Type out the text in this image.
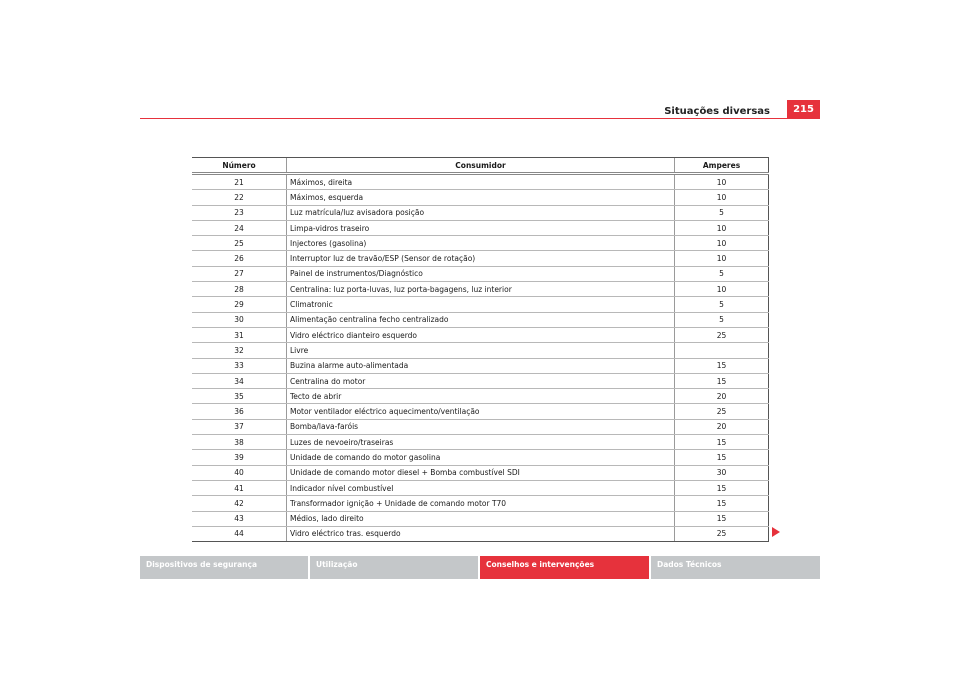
Situações diversas	215
Número	Consumidor	Amperes
21	Máximos, direita	10
22	Máximos, esquerda	10
23	Luz matrícula/luz avisadora posição	5
24	Limpa-vidros traseiro	10
25	Injectores (gasolina)	10
26	Interruptor luz de travão/ESP (Sensor de rotação)	10
27	Painel de instrumentos/Diagnóstico	5
28	Centralina: luz porta-luvas, luz porta-bagagens, luz interior	10
29	Climatronic	5
30	Alimentação centralina fecho centralizado	5
31	Vidro eléctrico dianteiro esquerdo	25
32	Livre	
33	Buzina alarme auto-alimentada	15
34	Centralina do motor	15
35	Tecto de abrir	20
36	Motor ventilador eléctrico aquecimento/ventilação	25
37	Bomba/lava-faróis	20
38	Luzes de nevoeiro/traseiras	15
39	Unidade de comando do motor gasolina	15
40	Unidade de comando motor diesel + Bomba combustível SDI	30
41	Indicador nível combustível	15
42	Transformador ignição + Unidade de comando motor T70	15
43	Médios, lado direito	15
44	Vidro eléctrico tras. esquerdo	25
Dispositivos de segurança	Utilização	Conselhos e intervenções	Dados Técnicos
